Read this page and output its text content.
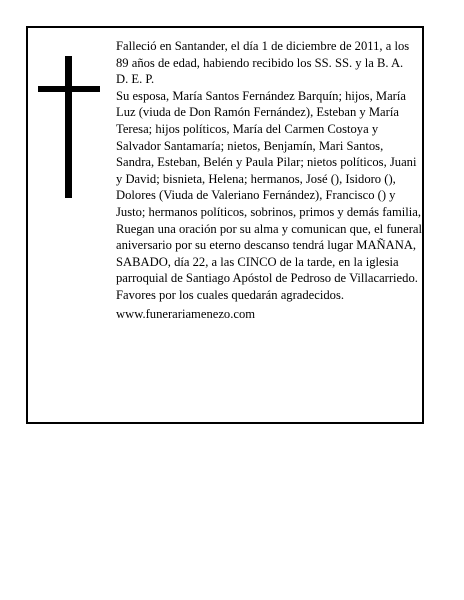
Falleció en Santander, el día 1 de diciembre de 2011, a los 89 años de edad, habiendo recibido los SS. SS. y la B. A.

D. E. P.

Su esposa, María Santos Fernández Barquín; hijos, María Luz (viuda de Don Ramón Fernández), Esteban y María Teresa; hijos políticos, María del Carmen Costoya y Salvador Santamaría; nietos, Benjamín, Mari Santos, Sandra, Esteban, Belén y Paula Pilar; nietos políticos, Juani y David; bisnieta, Helena; hermanos, José (), Isidoro (), Dolores (Viuda de Valeriano Fernández), Francisco () y Justo; hermanos políticos, sobrinos, primos y demás familia,

Ruegan una oración por su alma y comunican que, el funeral aniversario por su eterno descanso tendrá lugar MAÑANA, SABADO, día 22, a las CINCO de la tarde, en la iglesia parroquial de Santiago Apóstol de Pedroso de Villacarriedo. Favores por los cuales quedarán agradecidos.

www.funerariamenezo.com
